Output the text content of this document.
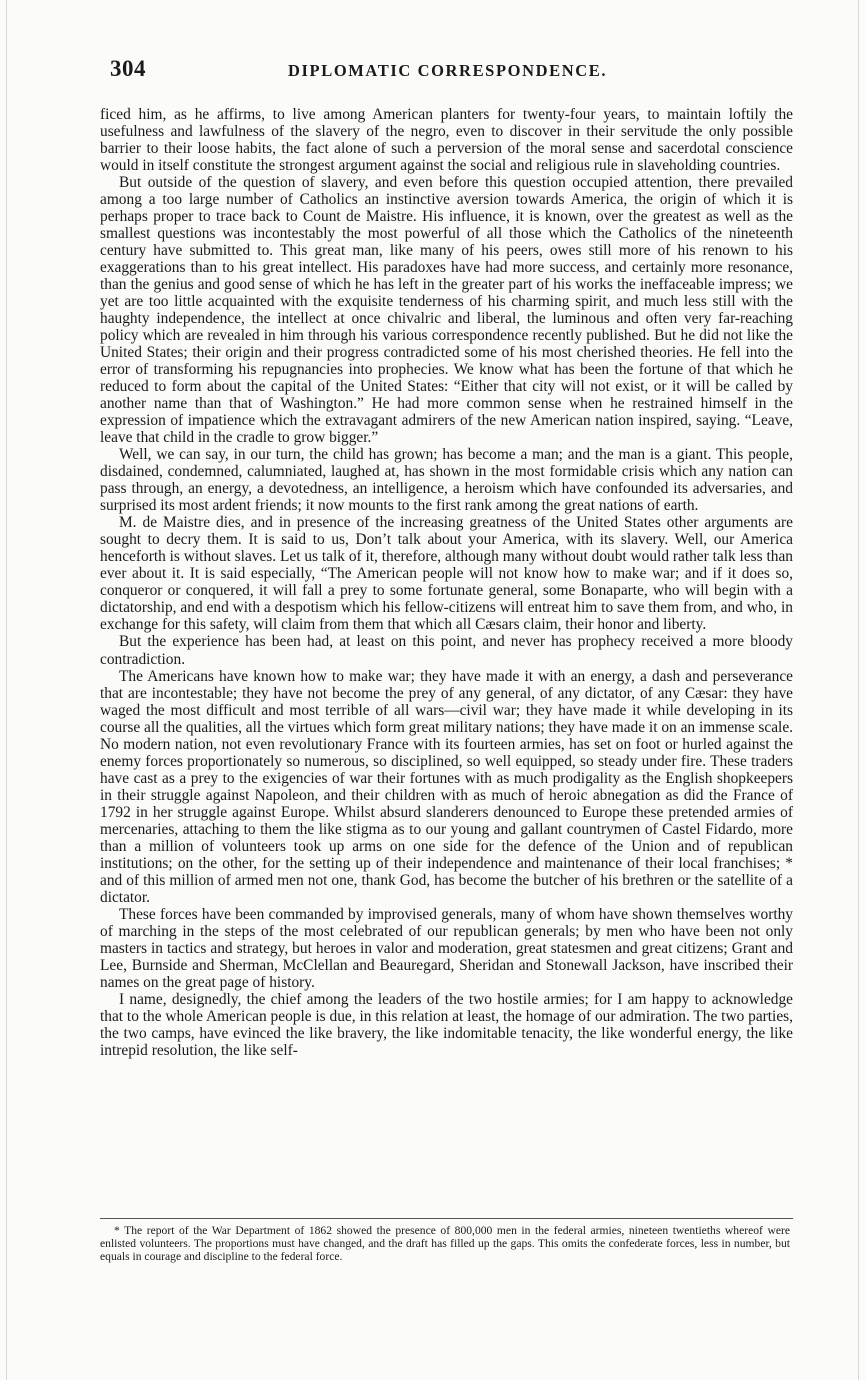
304	DIPLOMATIC CORRESPONDENCE.

ficed him, as he affirms, to live among American planters for twenty-four years, to maintain loftily the usefulness and lawfulness of the slavery of the negro, even to discover in their servitude the only possible barrier to their loose habits, the fact alone of such a perversion of the moral sense and sacerdotal conscience would in itself constitute the strongest argument against the social and religious rule in slaveholding countries.

But outside of the question of slavery, and even before this question occupied attention, there prevailed among a too large number of Catholics an instinctive aversion towards America, the origin of which it is perhaps proper to trace back to Count de Maistre. His influence, it is known, over the greatest as well as the smallest questions was incontestably the most powerful of all those which the Catholics of the nineteenth century have submitted to. This great man, like many of his peers, owes still more of his renown to his exaggerations than to his great intellect. His paradoxes have had more success, and certainly more resonance, than the genius and good sense of which he has left in the greater part of his works the ineffaceable impress; we yet are too little acquainted with the exquisite tenderness of his charming spirit, and much less still with the haughty independence, the intellect at once chivalric and liberal, the luminous and often very far-reaching policy which are revealed in him through his various correspondence recently published. But he did not like the United States; their origin and their progress contradicted some of his most cherished theories. He fell into the error of transforming his repugnancies into prophecies. We know what has been the fortune of that which he reduced to form about the capital of the United States: “Either that city will not exist, or it will be called by another name than that of Washington.” He had more common sense when he restrained himself in the expression of impatience which the extravagant admirers of the new American nation inspired, saying. “Leave, leave that child in the cradle to grow bigger.”

Well, we can say, in our turn, the child has grown; has become a man; and the man is a giant. This people, disdained, condemned, calumniated, laughed at, has shown in the most formidable crisis which any nation can pass through, an energy, a devotedness, an intelligence, a heroism which have confounded its adversaries, and surprised its most ardent friends; it now mounts to the first rank among the great nations of earth.

M. de Maistre dies, and in presence of the increasing greatness of the United States other arguments are sought to decry them. It is said to us, Don’t talk about your America, with its slavery. Well, our America henceforth is without slaves. Let us talk of it, therefore, although many without doubt would rather talk less than ever about it. It is said especially, “The American people will not know how to make war; and if it does so, conqueror or conquered, it will fall a prey to some fortunate general, some Bonaparte, who will begin with a dictatorship, and end with a despotism which his fellow-citizens will entreat him to save them from, and who, in exchange for this safety, will claim from them that which all Cæsars claim, their honor and liberty.

But the experience has been had, at least on this point, and never has prophecy received a more bloody contradiction.

The Americans have known how to make war; they have made it with an energy, a dash and perseverance that are incontestable; they have not become the prey of any general, of any dictator, of any Cæsar: they have waged the most difficult and most terrible of all wars—civil war; they have made it while developing in its course all the qualities, all the virtues which form great military nations; they have made it on an immense scale. No modern nation, not even revolutionary France with its fourteen armies, has set on foot or hurled against the enemy forces proportionately so numerous, so disciplined, so well equipped, so steady under fire. These traders have cast as a prey to the exigencies of war their fortunes with as much prodigality as the English shopkeepers in their struggle against Napoleon, and their children with as much of heroic abnegation as did the France of 1792 in her struggle against Europe. Whilst absurd slanderers denounced to Europe these pretended armies of mercenaries, attaching to them the like stigma as to our young and gallant countrymen of Castel Fidardo, more than a million of volunteers took up arms on one side for the defence of the Union and of republican institutions; on the other, for the setting up of their independence and maintenance of their local franchises; * and of this million of armed men not one, thank God, has become the butcher of his brethren or the satellite of a dictator.

These forces have been commanded by improvised generals, many of whom have shown themselves worthy of marching in the steps of the most celebrated of our republican generals; by men who have been not only masters in tactics and strategy, but heroes in valor and moderation, great statesmen and great citizens; Grant and Lee, Burnside and Sherman, McClellan and Beauregard, Sheridan and Stonewall Jackson, have inscribed their names on the great page of history.

I name, designedly, the chief among the leaders of the two hostile armies; for I am happy to acknowledge that to the whole American people is due, in this relation at least, the homage of our admiration. The two parties, the two camps, have evinced the like bravery, the like indomitable tenacity, the like wonderful energy, the like intrepid resolution, the like self-

* The report of the War Department of 1862 showed the presence of 800,000 men in the federal armies, nineteen twentieths whereof were enlisted volunteers. The proportions must have changed, and the draft has filled up the gaps. This omits the confederate forces, less in number, but equals in courage and discipline to the federal force.
